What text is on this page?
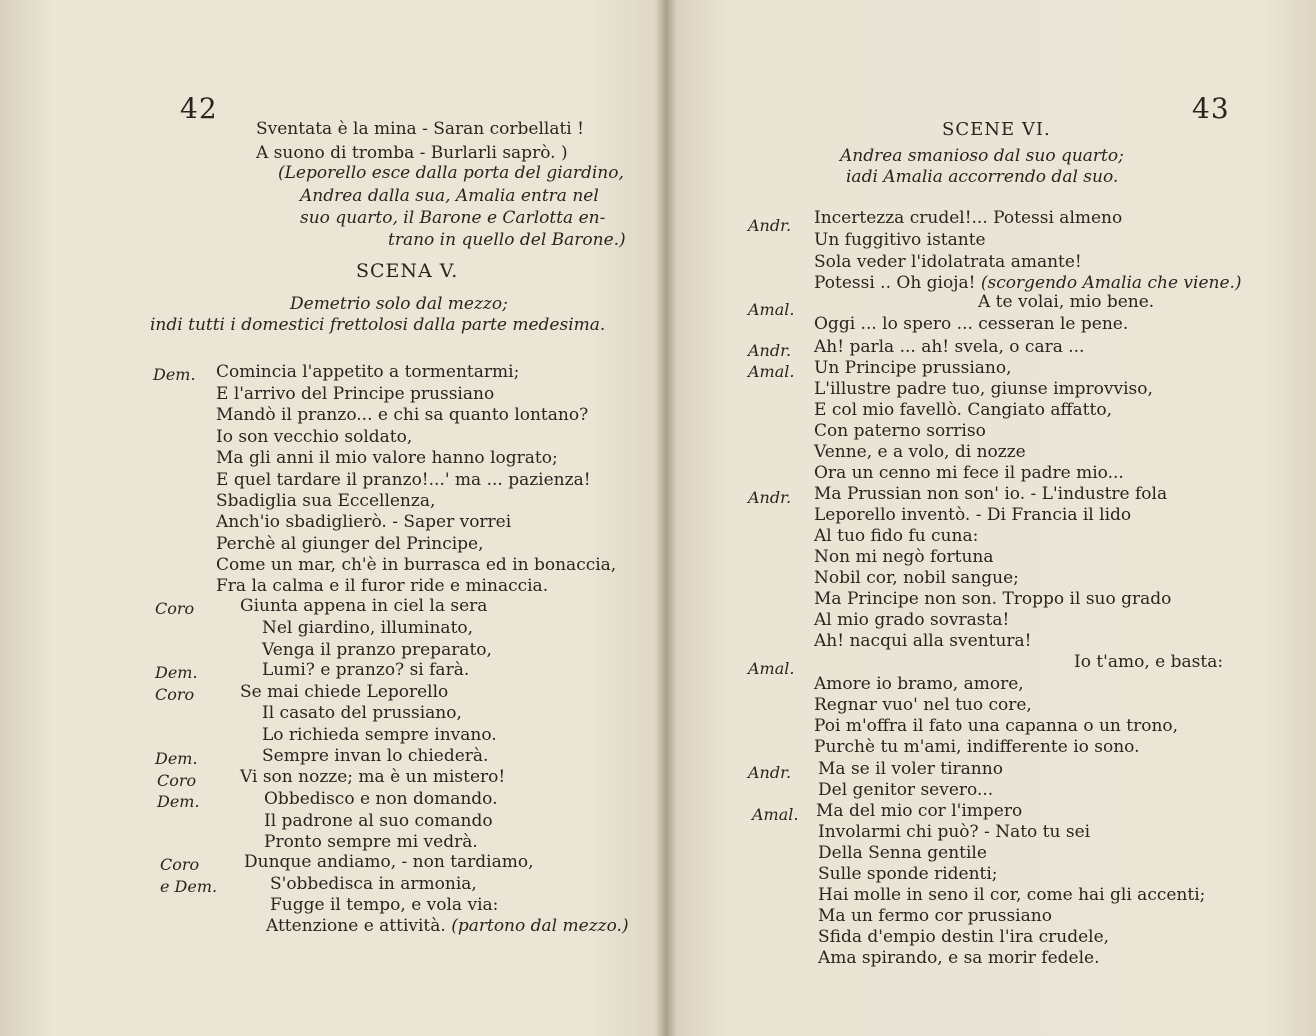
42
Sventata è la mina - Saran corbellati !
A suono di tromba - Burlarli saprò. )
(Leporello esce dalla porta del giardino,
Andrea dalla sua, Amalia entra nel
suo quarto, il Barone e Carlotta en-
trano in quello del Barone.)
SCENA V.
Demetrio solo dal mezzo;
indi tutti i domestici frettolosi dalla parte medesima.
Dem. Comincia l'appetito a tormentarmi;
E l'arrivo del Principe prussiano
Mandò il pranzo... e chi sa quanto lontano?
Io son vecchio soldato,
Ma gli anni il mio valore hanno lograto;
E quel tardare il pranzo!...' ma ... pazienza!
Sbadiglia sua Eccellenza,
Anch'io sbadiglierò. - Saper vorrei
Perchè al giunger del Principe,
Come un mar, ch'è in burrasca ed in bonaccia,
Fra la calma e il furor ride e minaccia.
Coro	Giunta appena in ciel la sera
Nel giardino, illuminato,
Venga il pranzo preparato,
Dem.	Lumi? e pranzo? si farà.
Coro	Se mai chiede Leporello
Il casato del prussiano,
Lo richieda sempre invano.
Dem.	Sempre invan lo chiederà.
Coro	Vi son nozze; ma è un mistero!
Dem.	Obbedisco e non domando.
Il padrone al suo comando
Pronto sempre mi vedrà.
Coro	Dunque andiamo, - non tardiamo,
e Dem.	S'obbedisca in armonia,
Fugge il tempo, e vola via:
Attenzione e attività. (partono dal mezzo.)
43
SCENE VI.
Andrea smanioso dal suo quarto;
iadi Amalia accorrendo dal suo.
Andr. Incertezza crudel!... Potessi almeno
Un fuggitivo istante
Sola veder l'idolatrata amante!
Potessi .. Oh gioja! (scorgendo Amalia che viene.)
Amal.	A te volai, mio bene.
Oggi ... lo spero ... cesseran le pene.
Andr. Ah! parla ... ah! svela, o cara ...
Amal. Un Principe prussiano,
L'illustre padre tuo, giunse improvviso,
E col mio favellò. Cangiato affatto,
Con paterno sorriso
Venne, e a volo, di nozze
Ora un cenno mi fece il padre mio...
Andr. Ma Prussian non son' io. - L'industre fola
Leporello inventò. - Di Francia il lido
Al tuo fido fu cuna:
Non mi negò fortuna
Nobil cor, nobil sangue;
Ma Principe non son. Troppo il suo grado
Al mio grado sovrasta!
Ah! nacqui alla sventura!
Amal.	Io t'amo, e basta:
Amore io bramo, amore,
Regnar vuo' nel tuo core,
Poi m'offra il fato una capanna o un trono,
Purchè tu m'ami, indifferente io sono.
Andr. Ma se il voler tiranno
Del genitor severo...
Amal. Ma del mio cor l'impero
Involarmi chi può? - Nato tu sei
Della Senna gentile
Sulle sponde ridenti;
Hai molle in seno il cor, come hai gli accenti;
Ma un fermo cor prussiano
Sfida d'empio destin l'ira crudele,
Ama spirando, e sa morir fedele.
